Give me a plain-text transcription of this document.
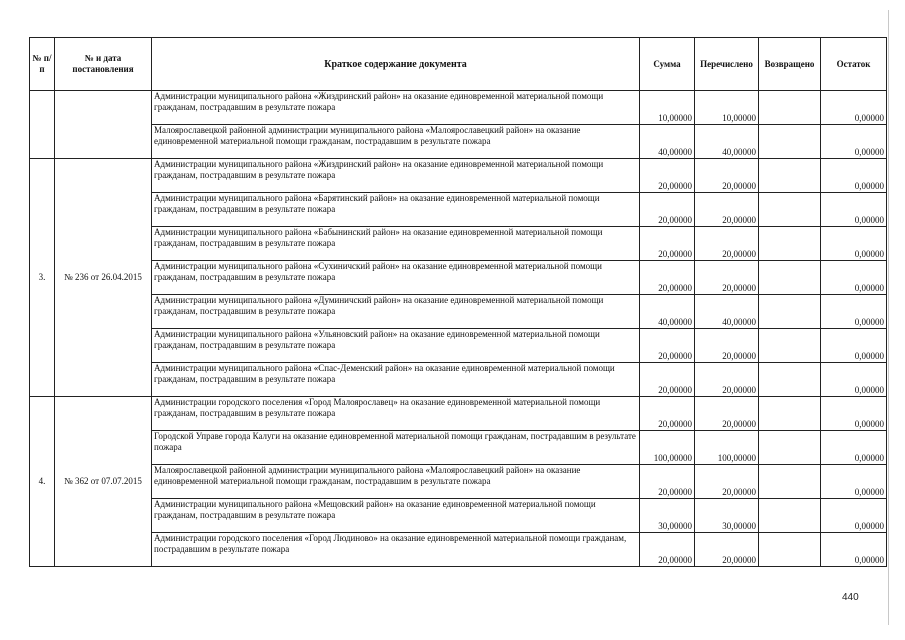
№ п/п	№ и дата постановления	Краткое содержание документа	Сумма	Перечислено	Возвращено	Остаток
		Администрации муниципального района «Жиздринский район» на оказание единовременной материальной помощи гражданам, пострадавшим в результате пожара	10,00000	10,00000		0,00000
		Малоярославецкой районной администрации муниципального района «Малоярославецкий район» на оказание единовременной материальной помощи гражданам, пострадавшим в результате пожара	40,00000	40,00000		0,00000
3.	№ 236 от 26.04.2015	Администрации муниципального района «Жиздринский район» на оказание единовременной материальной помощи гражданам, пострадавшим в результате пожара	20,00000	20,00000		0,00000
		Администрации муниципального района «Барятинский район» на оказание единовременной материальной помощи гражданам, пострадавшим в результате пожара	20,00000	20,00000		0,00000
		Администрации муниципального района «Бабынинский район» на оказание единовременной материальной помощи гражданам, пострадавшим в результате пожара	20,00000	20,00000		0,00000
		Администрации муниципального района «Сухиничский район» на оказание единовременной материальной помощи гражданам, пострадавшим в результате пожара	20,00000	20,00000		0,00000
		Администрации муниципального района «Думиничский район» на оказание единовременной материальной помощи гражданам, пострадавшим в результате пожара	40,00000	40,00000		0,00000
		Администрации муниципального района «Ульяновский район» на оказание единовременной материальной помощи гражданам, пострадавшим в результате пожара	20,00000	20,00000		0,00000
		Администрации муниципального района «Спас-Деменский район» на оказание единовременной материальной помощи гражданам, пострадавшим в результате пожара	20,00000	20,00000		0,00000
4.	№ 362 от 07.07.2015	Администрации городского поселения «Город Малоярославец» на оказание единовременной материальной помощи гражданам, пострадавшим в результате пожара	20,00000	20,00000		0,00000
		Городской Управе города Калуги на оказание единовременной материальной помощи гражданам, пострадавшим в результате пожара	100,00000	100,00000		0,00000
		Малоярославецкой районной администрации муниципального района «Малоярославецкий район» на оказание единовременной материальной помощи гражданам, пострадавшим в результате пожара	20,00000	20,00000		0,00000
		Администрации муниципального района «Мещовский район» на оказание единовременной материальной помощи гражданам, пострадавшим в результате пожара	30,00000	30,00000		0,00000
		Администрации городского поселения «Город Людиново» на оказание единовременной материальной помощи гражданам, пострадавшим в результате пожара	20,00000	20,00000		0,00000
440
